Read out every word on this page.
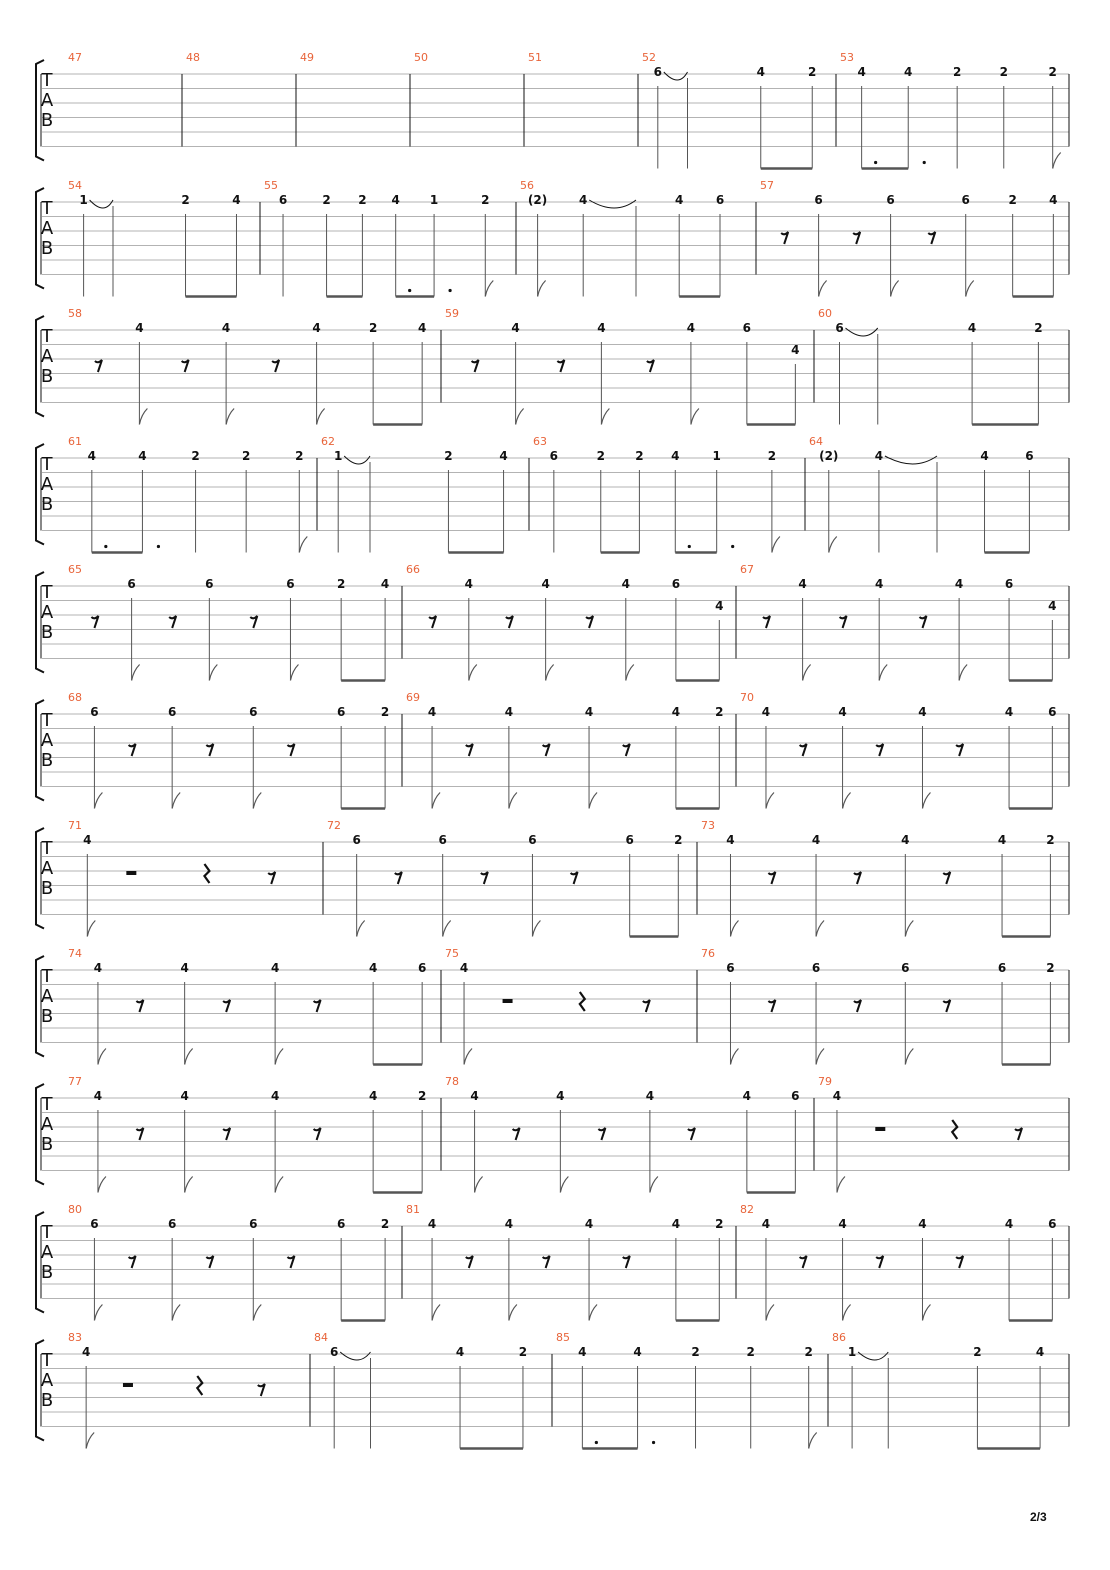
T
A
B
47	48	49	50	51	52
6	4	2
53
4	4	2	2	2
T
A
B
54
1	2	4
55
6	2 2 4	1	2
56
(2)	4	4	6
57
6	6	6	2	4
T
A
B
58
4	4	4	2	4
59
4	4	4	6
4
60
6	4	2
T
A
B
61
4	4	2	2	2
62
1	2	4
63
6	2	2 4	1	2
64
(2)	4	4	6
T
A
B
65
6	6	6	2	4
66
4	4	4	6
4
67
4	4	4	6
4
T
A
B
68
6	6	6	6	2
69
4	4	4	4	2
70
4	4	4	4	6
T
A
B
71
4
72
6	6	6	6	2
73
4	4	4	4	2
T
A
B
74
4	4	4	4	6
75
4
76
6	6	6	6	2
T
A
B
77
4	4	4	4	2
78
4	4	4	4	6
79
4
T
A
B
80
6	6	6	6	2
81
4	4	4	4	2
82
4	4	4	4	6
T
A
B
83
4
84
6	4	2
85
4	4	2	2	2
86
1	2	4
2/3
